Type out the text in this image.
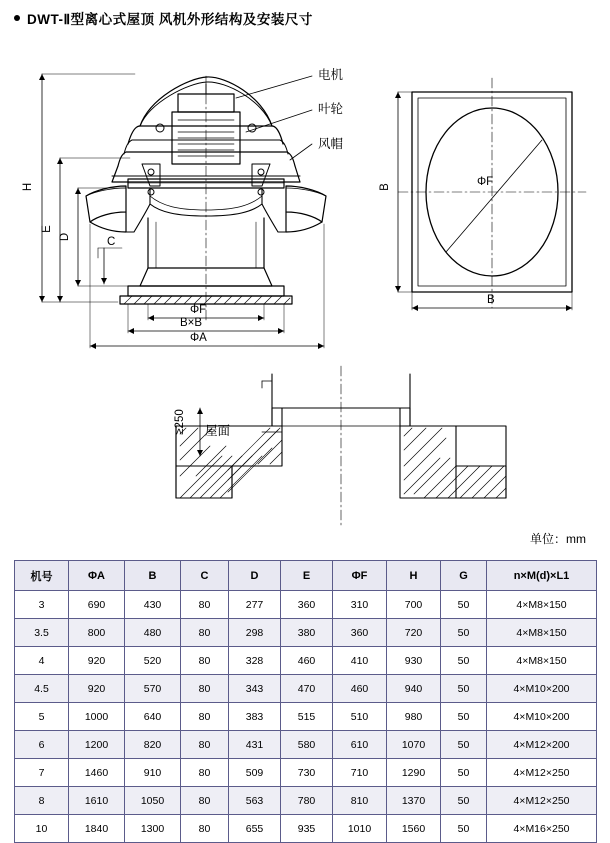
DWT-Ⅱ型离心式屋顶 风机外形结构及安装尺寸
电机
叶轮
风帽
H
E
D	C
ΦF
B×B
ΦA
B
B
ΦF
≥250 屋面
单位：mm
机号	ΦA	B	C	D	E	ΦF	H	G	n×M(d)×L1
3	690	430	80	277	360	310	700	50	4×M8×150
3.5	800	480	80	298	380	360	720	50	4×M8×150
4	920	520	80	328	460	410	930	50	4×M8×150
4.5	920	570	80	343	470	460	940	50	4×M10×200
5	1000	640	80	383	515	510	980	50	4×M10×200
6	1200	820	80	431	580	610	1070	50	4×M12×200
7	1460	910	80	509	730	710	1290	50	4×M12×250
8	1610	1050	80	563	780	810	1370	50	4×M12×250
10	1840	1300	80	655	935	1010	1560	50	4×M16×250
